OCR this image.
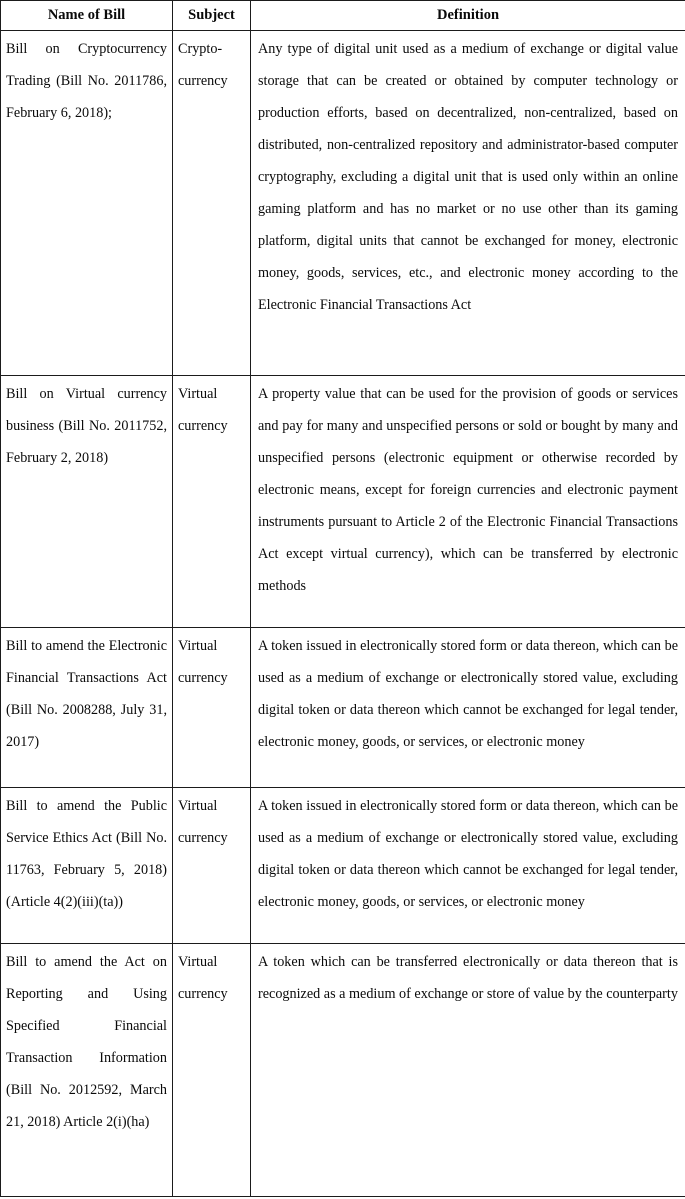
Name of Bill	Subject	Definition

Bill on Cryptocurrency Trading (Bill No. 2011786, February 6, 2018);	Crypto-currency	Any type of digital unit used as a medium of exchange or digital value storage that can be created or obtained by computer technology or production efforts, based on decentralized, non-centralized, based on distributed, non-centralized repository and administrator-based computer cryptography, excluding a digital unit that is used only within an online gaming platform and has no market or no use other than its gaming platform, digital units that cannot be exchanged for money, electronic money, goods, services, etc., and electronic money according to the Electronic Financial Transactions Act

Bill on Virtual currency business (Bill No. 2011752, February 2, 2018)	Virtual currency	A property value that can be used for the provision of goods or services and pay for many and unspecified persons or sold or bought by many and unspecified persons (electronic equipment or otherwise recorded by electronic means, except for foreign currencies and electronic payment instruments pursuant to Article 2 of the Electronic Financial Transactions Act except virtual currency), which can be transferred by electronic methods

Bill to amend the Electronic Financial Transactions Act (Bill No. 2008288, July 31, 2017)	Virtual currency	A token issued in electronically stored form or data thereon, which can be used as a medium of exchange or electronically stored value, excluding digital token or data thereon which cannot be exchanged for legal tender, electronic money, goods, or services, or electronic money

Bill to amend the Public Service Ethics Act (Bill No. 11763, February 5, 2018) (Article 4(2)(iii)(ta))	Virtual currency	A token issued in electronically stored form or data thereon, which can be used as a medium of exchange or electronically stored value, excluding digital token or data thereon which cannot be exchanged for legal tender, electronic money, goods, or services, or electronic money

Bill to amend the Act on Reporting and Using Specified Financial Transaction Information (Bill No. 2012592, March 21, 2018) Article 2(i)(ha)	Virtual currency	A token which can be transferred electronically or data thereon that is recognized as a medium of exchange or store of value by the counterparty
